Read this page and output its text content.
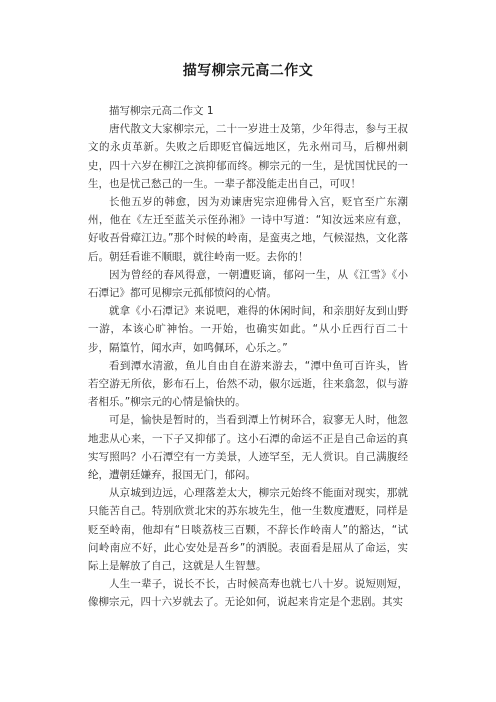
描写柳宗元高二作文

描写柳宗元高二作文 1

唐代散文大家柳宗元，二十一岁进士及第，少年得志，参与王叔文的永贞革新。失败之后即贬官偏远地区，先永州司马，后柳州刺史，四十六岁在柳江之滨抑郁而终。柳宗元的一生，是忧国忧民的一生，也是忧己愁己的一生。一辈子都没能走出自己，可叹！

长他五岁的韩愈，因为劝谏唐宪宗迎佛骨入宫，贬官至广东潮州，他在《左迁至蓝关示侄孙湘》一诗中写道：“知汝远来应有意，好收吾骨瘴江边。”那个时候的岭南，是蛮夷之地，气候湿热，文化落后。朝廷看谁不顺眼，就往岭南一贬。去你的！

因为曾经的春风得意，一朝遭贬谪，郁闷一生，从《江雪》《小石潭记》都可见柳宗元孤郁愤闷的心情。

就拿《小石潭记》来说吧，难得的休闲时间，和亲朋好友到山野一游，本该心旷神怡。一开始，也确实如此。“从小丘西行百二十步，隔篁竹，闻水声，如鸣佩环，心乐之。”

看到潭水清澈，鱼儿自由自在游来游去，“潭中鱼可百许头，皆若空游无所依，影布石上，佁然不动，俶尔远逝，往来翕忽，似与游者相乐。”柳宗元的心情是愉快的。

可是，愉快是暂时的，当看到潭上竹树环合，寂寥无人时，他忽地悲从心来，一下子又抑郁了。这小石潭的命运不正是自己命运的真实写照吗？小石潭空有一方美景，人迹罕至，无人赏识。自己满腹经纶，遭朝廷嫌弃，报国无门，郁闷。

从京城到边远，心理落差太大，柳宗元始终不能面对现实，那就只能苦自己。特别欣赏北宋的苏东坡先生，他一生数度遭贬，同样是贬至岭南，他却有“日啖荔枝三百颗，不辞长作岭南人”的豁达，“试问岭南应不好，此心安处是吾乡”的洒脱。表面看是屈从了命运，实际上是解放了自己，这就是人生智慧。

人生一辈子，说长不长，古时候高寿也就七八十岁。说短则短，像柳宗元，四十六岁就去了。无论如何，说起来肯定是个悲剧。其实
